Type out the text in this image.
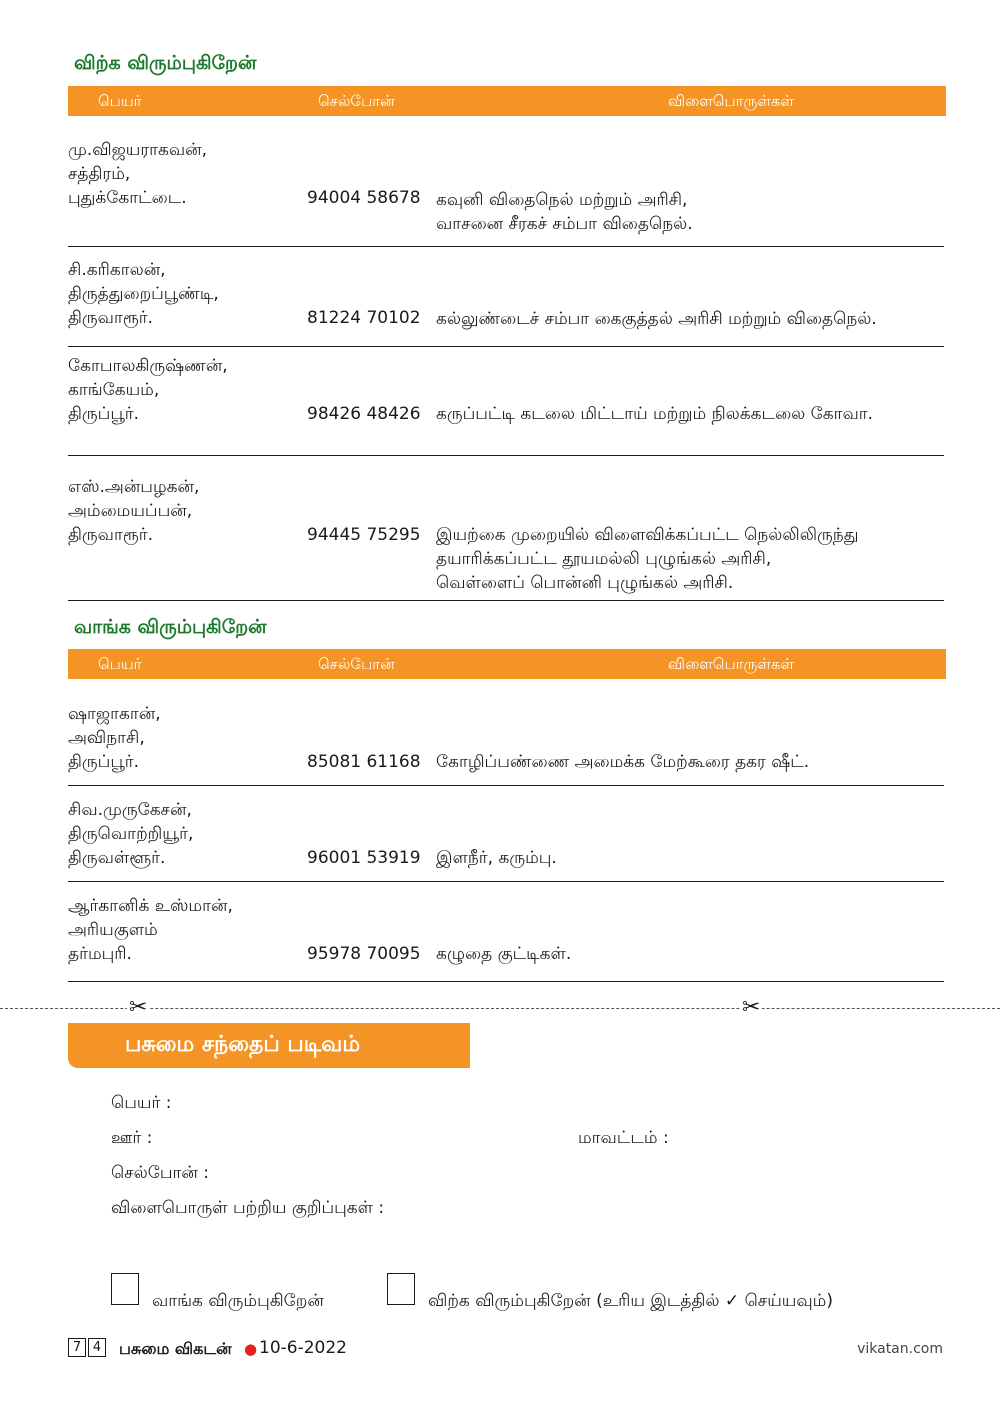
விற்க விரும்புகிறேன்
பெயர்	செல்போன்	விளைபொருள்கள்
மு.விஜயராகவன்,
சத்திரம்,
புதுக்கோட்டை.	94004 58678 கவுனி விதைநெல் மற்றும் அரிசி,
வாசனை சீரகச் சம்பா விதைநெல்.
சி.கரிகாலன்,
திருத்துறைப்பூண்டி,
திருவாரூர்.	81224 70102 கல்லுண்டைச் சம்பா கைகுத்தல் அரிசி மற்றும் விதைநெல்.
கோபாலகிருஷ்ணன்,
காங்கேயம்,
திருப்பூர்.	98426 48426 கருப்பட்டி கடலை மிட்டாய் மற்றும் நிலக்கடலை கோவா.
எஸ்.அன்பழகன்,
அம்மையப்பன்,
திருவாரூர்.	94445 75295 இயற்கை முறையில் விளைவிக்கப்பட்ட நெல்லிலிருந்து
தயாரிக்கப்பட்ட தூயமல்லி புழுங்கல் அரிசி,
வெள்ளைப் பொன்னி புழுங்கல் அரிசி.
வாங்க விரும்புகிறேன்
பெயர்	செல்போன்	விளைபொருள்கள்
ஷாஜாகான்,
அவிநாசி,
திருப்பூர்.	85081 61168 கோழிப்பண்ணை அமைக்க மேற்கூரை தகர ஷீட்.
சிவ.முருகேசன்,
திருவொற்றியூர்,
திருவள்ளூர்.	96001 53919 இளநீர், கரும்பு.
ஆர்கானிக் உஸ்மான்,
அரியகுளம்
தர்மபுரி.	95978 70095 கழுதை குட்டிகள்.
✂	✂
பசுமை சந்தைப் படிவம்
பெயர் :
ஊர் :	மாவட்டம் :
செல்போன் :
விளைபொருள் பற்றிய குறிப்புகள் :
வாங்க விரும்புகிறேன்	விற்க விரும்புகிறேன் (உரிய இடத்தில் ✓ செய்யவும்)
7 4	பசுமை விகடன் ● 10-6-2022	vikatan.com
